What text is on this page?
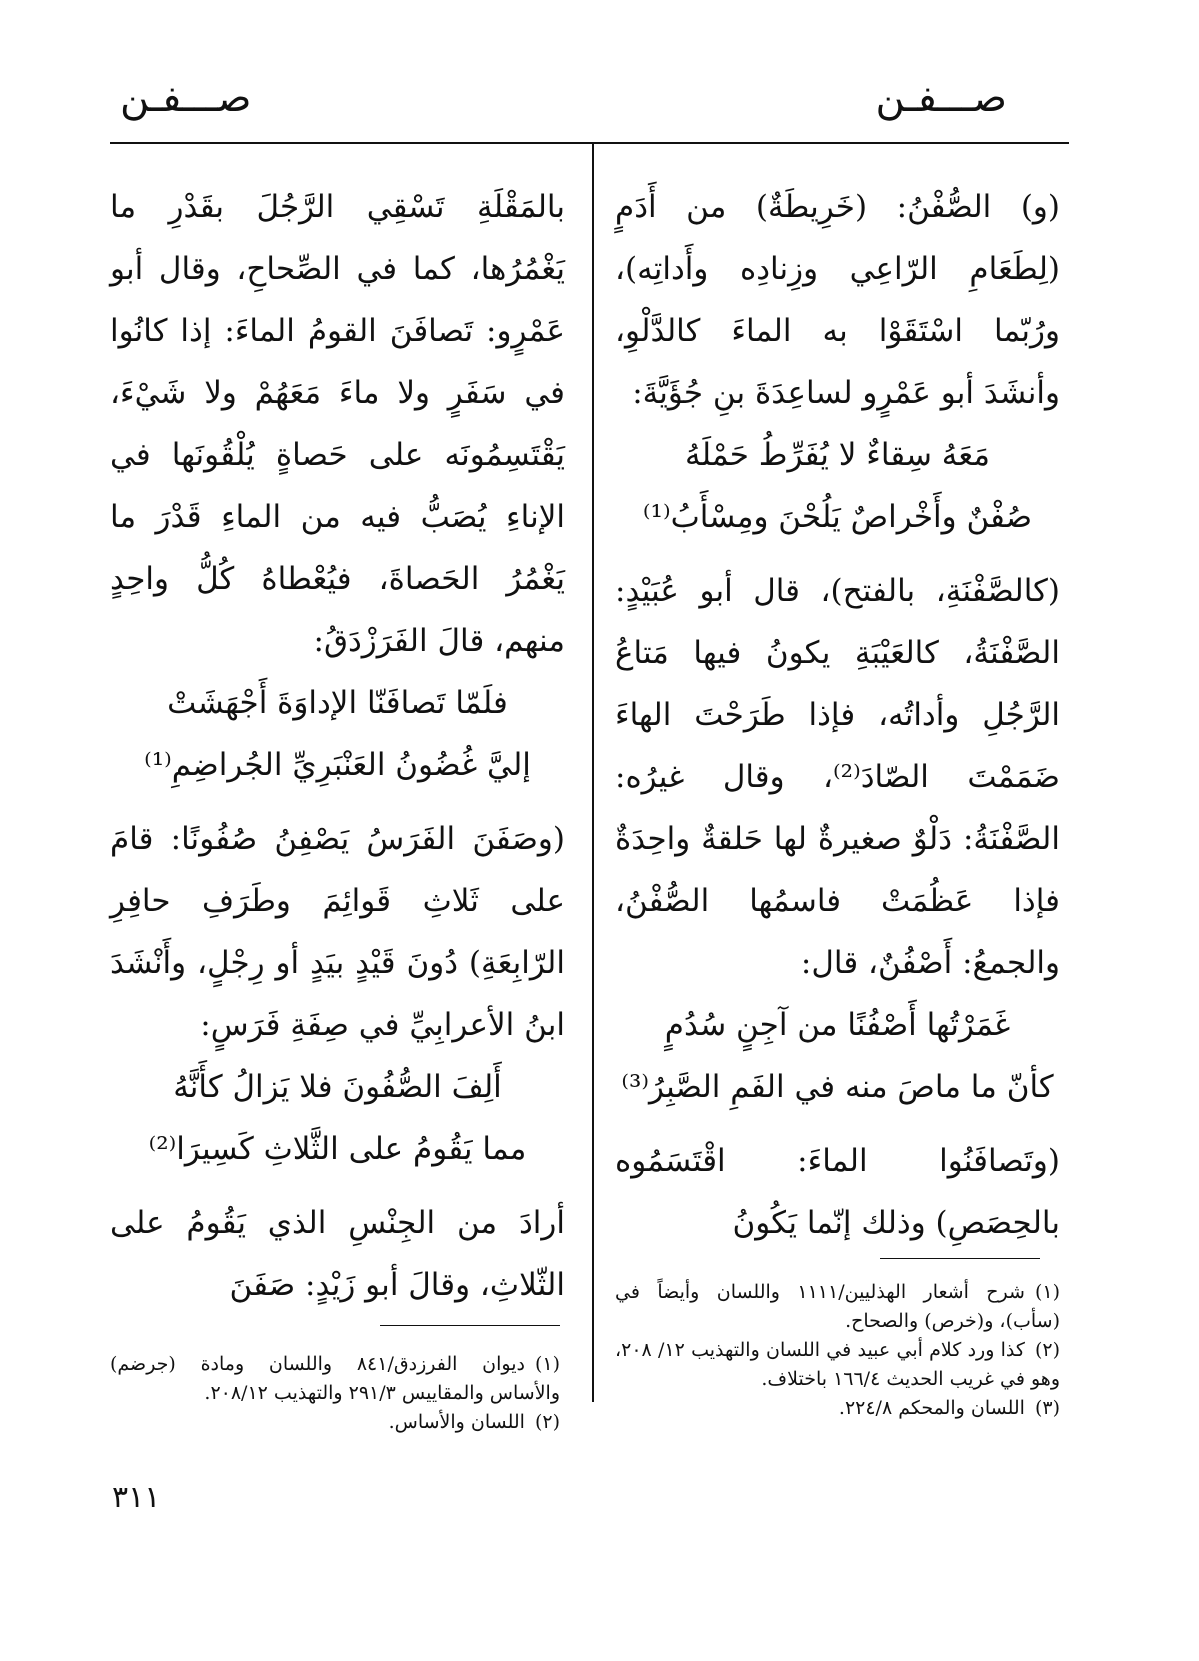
صـــفـن
صـــفـن

(و) الصُّفْنُ: (خَرِيطَةٌ) من أَدَمٍ (لِطَعَامِ الرّاعِي وزِنادِه وأَداتِه)، ورُبّما اسْتَقَوْا به الماءَ كالدَّلْوِ، وأنشَدَ أبو عَمْرٍو لساعِدَةَ بنِ جُؤَيَّةَ:

مَعَهُ سِقاءٌ لا يُفَرِّطُ حَمْلَهُ

صُفْنٌ وأَخْراصٌ يَلُحْنَ ومِسْأَبُ⁽¹⁾

(كالصَّفْنَةِ، بالفتح)، قال أبو عُبَيْدٍ: الصَّفْنَةُ، كالعَيْبَةِ يكونُ فيها مَتاعُ الرَّجُلِ وأداتُه، فإذا طَرَحْتَ الهاءَ ضَمَمْتَ الصّادَ⁽²⁾، وقال غيرُه: الصَّفْنَةُ: دَلْوٌ صغيرةٌ لها حَلقةٌ واحِدَةٌ فإذا عَظُمَتْ فاسمُها الصُّفْنُ، والجمعُ: أَصْفُنٌ، قال:

غَمَرْتُها أَصْفُنًا من آجِنٍ سُدُمٍ

كأنّ ما ماصَ منه في الفَمِ الصَّبِرُ⁽³⁾

(وتَصافَنُوا الماءَ: اقْتَسَمُوه بالحِصَصِ) وذلك إنّما يَكُونُ

بالمَقْلَةِ تَسْقِي الرَّجُلَ بقَدْرِ ما يَغْمُرُها، كما في الصِّحاحِ، وقال أبو عَمْرٍو: تَصافَنَ القومُ الماءَ: إذا كانُوا في سَفَرٍ ولا ماءَ مَعَهُمْ ولا شَيْءَ، يَقْتَسِمُونَه على حَصاةٍ يُلْقُونَها في الإناءِ يُصَبُّ فيه من الماءِ قَدْرَ ما يَغْمُرُ الحَصاةَ، فيُعْطاهُ كُلُّ واحِدٍ منهم، قالَ الفَرَزْدَقُ:

فلَمّا تَصافَنّا الإداوَةَ أَجْهَشَتْ

إليَّ غُضُونُ العَنْبَرِيِّ الجُراضِمِ⁽¹⁾

(وصَفَنَ الفَرَسُ يَصْفِنُ صُفُونًا: قامَ على ثَلاثِ قَوائِمَ وطَرَفِ حافِرِ الرّابِعَةِ) دُونَ قَيْدٍ بيَدٍ أو رِجْلٍ، وأَنْشَدَ ابنُ الأعرابِيِّ في صِفَةِ فَرَسٍ:

أَلِفَ الصُّفُونَ فلا يَزالُ كأَنَّهُ

مما يَقُومُ على الثَّلاثِ كَسِيرَا⁽²⁾

أرادَ من الجِنْسِ الذي يَقُومُ على الثّلاثِ، وقالَ أبو زَيْدٍ: صَفَنَ	(١)شرح أشعار الهذليين/١١١١ واللسان وأيضاً في (سأب)، و(خرص) والصحاح.

(٢)كذا ورد كلام أبي عبيد في اللسان والتهذيب ١٢/ ٢٠٨، وهو في غريب الحديث ١٦٦/٤ باختلاف.

(٣)اللسان والمحكم ٢٢٤/٨.

(١)ديوان الفرزدق/٨٤١ واللسان ومادة (جرضم) والأساس والمقاييس ٢٩١/٣ والتهذيب ٢٠٨/١٢.

(٢)اللسان والأساس.

٣١١
